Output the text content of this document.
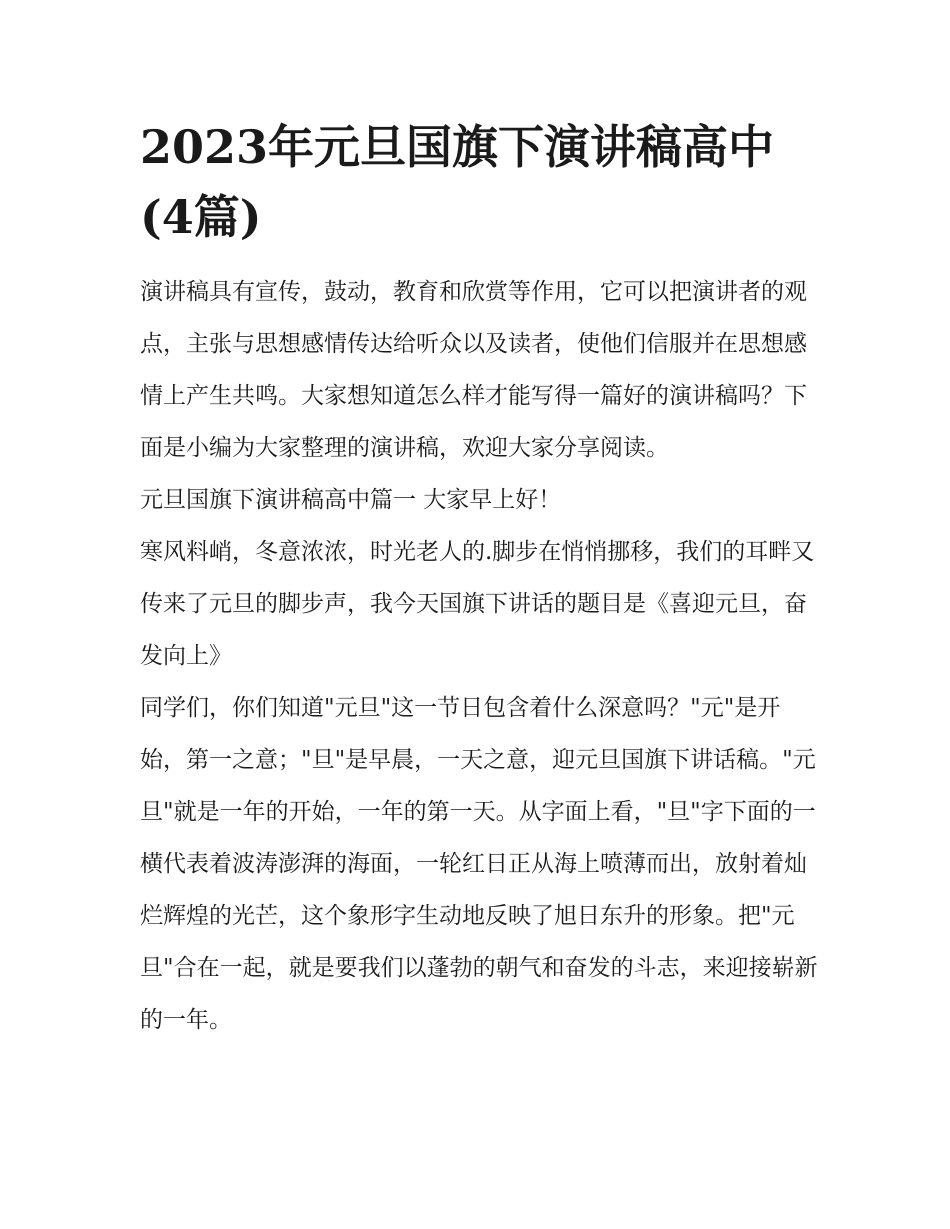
2023年元旦国旗下演讲稿高中(4篇)

演讲稿具有宣传，鼓动，教育和欣赏等作用，它可以把演讲者的观点，主张与思想感情传达给听众以及读者，使他们信服并在思想感情上产生共鸣。大家想知道怎么样才能写得一篇好的演讲稿吗？下面是小编为大家整理的演讲稿，欢迎大家分享阅读。

元旦国旗下演讲稿高中篇一 大家早上好！

寒风料峭，冬意浓浓，时光老人的.脚步在悄悄挪移，我们的耳畔又传来了元旦的脚步声，我今天国旗下讲话的题目是《喜迎元旦，奋发向上》

同学们，你们知道"元旦"这一节日包含着什么深意吗？"元"是开始，第一之意；"旦"是早晨，一天之意，迎元旦国旗下讲话稿。"元旦"就是一年的开始，一年的第一天。从字面上看，"旦"字下面的一横代表着波涛澎湃的海面，一轮红日正从海上喷薄而出，放射着灿烂辉煌的光芒，这个象形字生动地反映了旭日东升的形象。把"元旦"合在一起，就是要我们以蓬勃的朝气和奋发的斗志，来迎接崭新的一年。
